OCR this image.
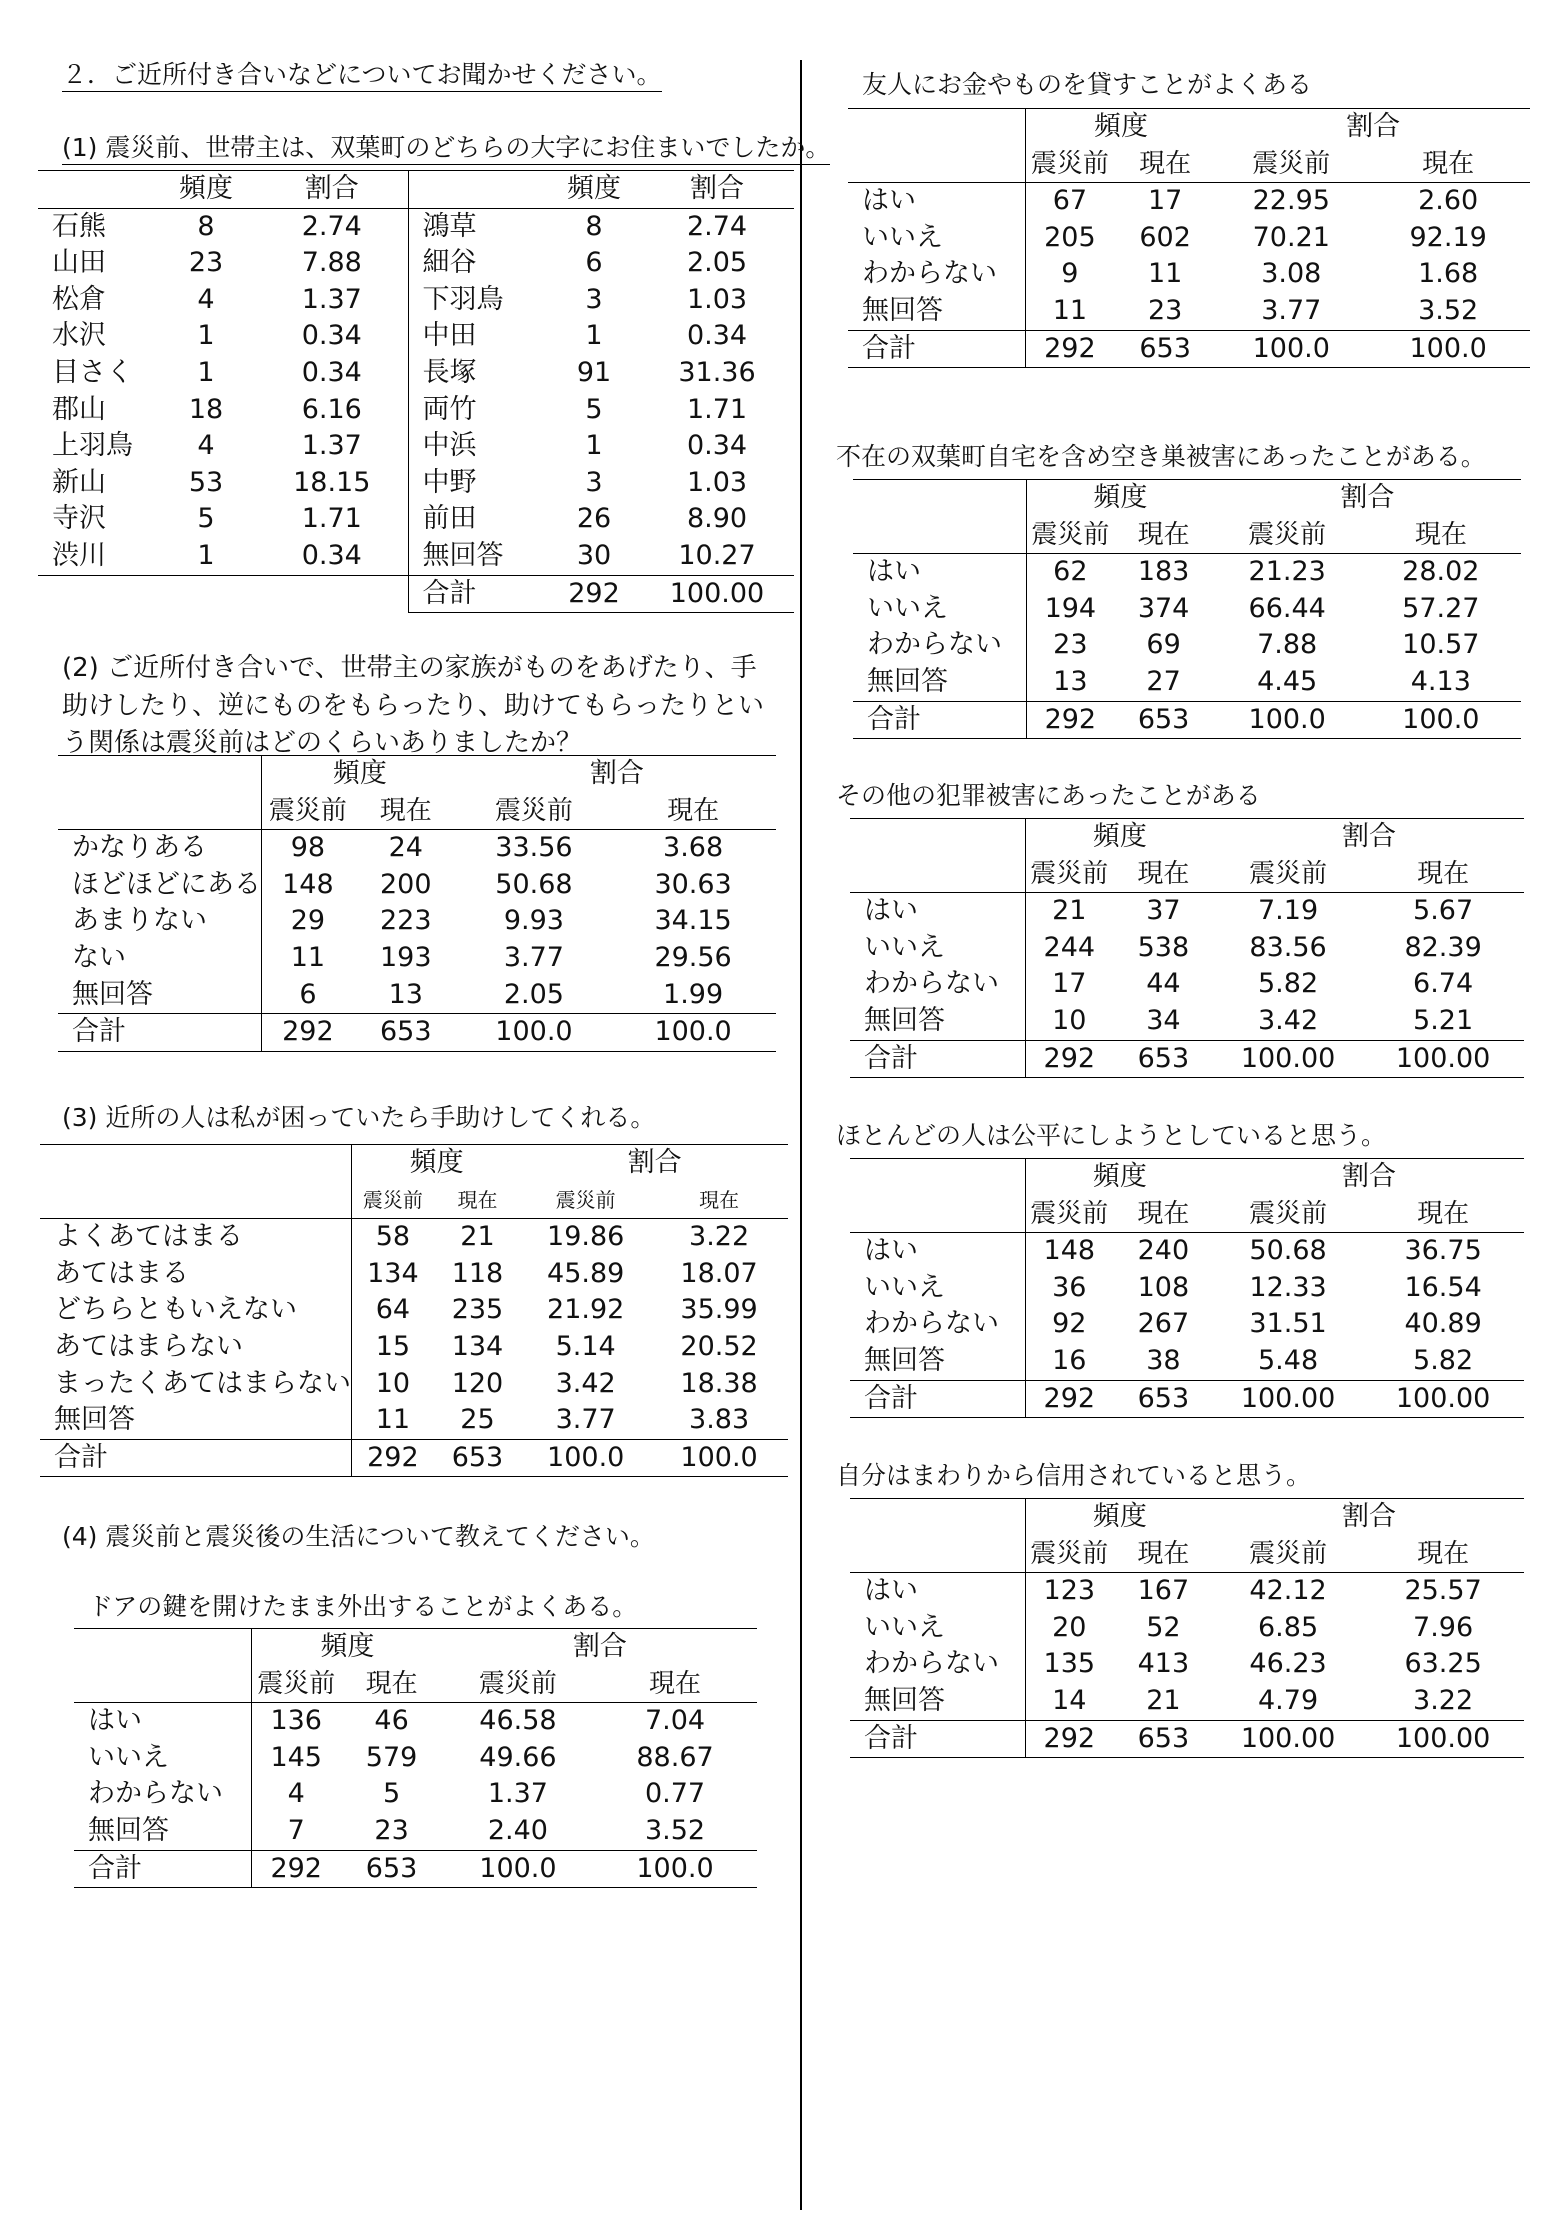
２．ご近所付き合いなどについてお聞かせください。
(1) 震災前、世帯主は、双葉町のどちらの大字にお住まいでしたか。
	頻度	割合		頻度	割合
石熊	8	2.74	鴻草	8	2.74
山田	23	7.88	細谷	6	2.05
松倉	4	1.37	下羽鳥	3	1.03
水沢	1	0.34	中田	1	0.34
目さく	1	0.34	長塚	91	31.36
郡山	18	6.16	両竹	5	1.71
上羽鳥	4	1.37	中浜	1	0.34
新山	53	18.15	中野	3	1.03
寺沢	5	1.71	前田	26	8.90
渋川	1	0.34	無回答	30	10.27
			合計	292	100.00
(2) ご近所付き合いで、世帯主の家族がものをあげたり、手助けしたり、逆にものをもらったり、助けてもらったりという関係は震災前はどのくらいありましたか？
	頻度		割合	
	震災前	現在	震災前	現在
かなりある	98	24	33.56	3.68
ほどほどにある	148	200	50.68	30.63
あまりない	29	223	9.93	34.15
ない	11	193	3.77	29.56
無回答	6	13	2.05	1.99
合計	292	653	100.0	100.0
(3) 近所の人は私が困っていたら手助けしてくれる。
	頻度		割合	
	震災前	現在	震災前	現在
よくあてはまる	58	21	19.86	3.22
あてはまる	134	118	45.89	18.07
どちらともいえない	64	235	21.92	35.99
あてはまらない	15	134	5.14	20.52
まったくあてはまらない	10	120	3.42	18.38
無回答	11	25	3.77	3.83
合計	292	653	100.0	100.0
(4) 震災前と震災後の生活について教えてください。
ドアの鍵を開けたまま外出することがよくある。
	頻度		割合	
	震災前	現在	震災前	現在
はい	136	46	46.58	7.04
いいえ	145	579	49.66	88.67
わからない	4	5	1.37	0.77
無回答	7	23	2.40	3.52
合計	292	653	100.0	100.0
友人にお金やものを貸すことがよくある
	頻度		割合	
	震災前	現在	震災前	現在
はい	67	17	22.95	2.60
いいえ	205	602	70.21	92.19
わからない	9	11	3.08	1.68
無回答	11	23	3.77	3.52
合計	292	653	100.0	100.0
不在の双葉町自宅を含め空き巣被害にあったことがある。
	頻度		割合	
	震災前	現在	震災前	現在
はい	62	183	21.23	28.02
いいえ	194	374	66.44	57.27
わからない	23	69	7.88	10.57
無回答	13	27	4.45	4.13
合計	292	653	100.0	100.0
その他の犯罪被害にあったことがある
	頻度		割合	
	震災前	現在	震災前	現在
はい	21	37	7.19	5.67
いいえ	244	538	83.56	82.39
わからない	17	44	5.82	6.74
無回答	10	34	3.42	5.21
合計	292	653	100.00	100.00
ほとんどの人は公平にしようとしていると思う。
	頻度		割合	
	震災前	現在	震災前	現在
はい	148	240	50.68	36.75
いいえ	36	108	12.33	16.54
わからない	92	267	31.51	40.89
無回答	16	38	5.48	5.82
合計	292	653	100.00	100.00
自分はまわりから信用されていると思う。
	頻度		割合	
	震災前	現在	震災前	現在
はい	123	167	42.12	25.57
いいえ	20	52	6.85	7.96
わからない	135	413	46.23	63.25
無回答	14	21	4.79	3.22
合計	292	653	100.00	100.00
